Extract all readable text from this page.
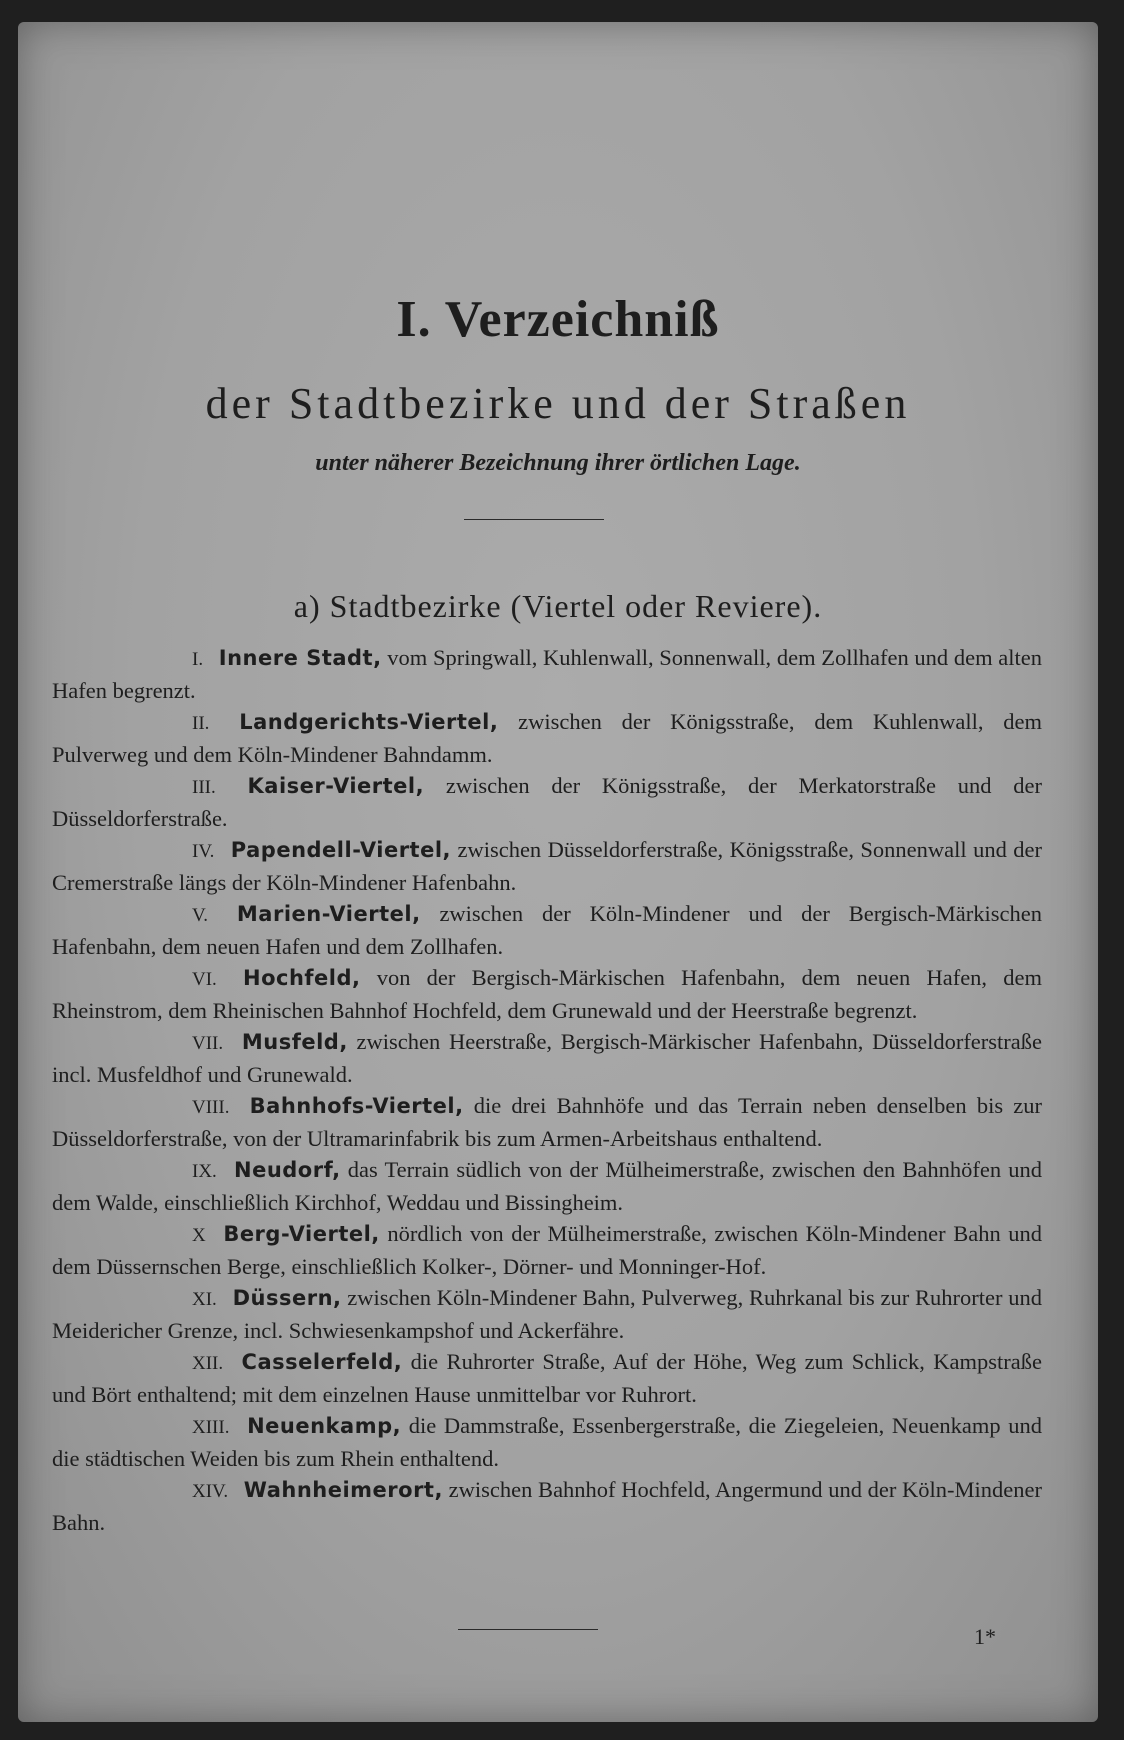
I. Verzeichniß
der Stadtbezirke und der Straßen
unter näherer Bezeichnung ihrer örtlichen Lage.
a) Stadtbezirke (Viertel oder Reviere).

I. Innere Stadt, vom Springwall, Kuhlenwall, Sonnenwall, dem Zollhafen und dem alten Hafen begrenzt.

II. Landgerichts-Viertel, zwischen der Königsstraße, dem Kuhlenwall, dem Pulverweg und dem Köln-Mindener Bahndamm.

III. Kaiser-Viertel, zwischen der Königsstraße, der Merkatorstraße und der Düsseldorferstraße.

IV. Papendell-Viertel, zwischen Düsseldorferstraße, Königsstraße, Sonnenwall und der Cremerstraße längs der Köln-Mindener Hafenbahn.

V. Marien-Viertel, zwischen der Köln-Mindener und der Bergisch-Märkischen Hafenbahn, dem neuen Hafen und dem Zollhafen.

VI. Hochfeld, von der Bergisch-Märkischen Hafenbahn, dem neuen Hafen, dem Rheinstrom, dem Rheinischen Bahnhof Hochfeld, dem Grunewald und der Heerstraße begrenzt.

VII. Musfeld, zwischen Heerstraße, Bergisch-Märkischer Hafenbahn, Düsseldorferstraße incl. Musfeldhof und Grunewald.

VIII. Bahnhofs-Viertel, die drei Bahnhöfe und das Terrain neben denselben bis zur Düsseldorferstraße, von der Ultramarinfabrik bis zum Armen-Arbeitshaus enthaltend.

IX. Neudorf, das Terrain südlich von der Mülheimerstraße, zwischen den Bahnhöfen und dem Walde, einschließlich Kirchhof, Weddau und Bissingheim.

X Berg-Viertel, nördlich von der Mülheimerstraße, zwischen Köln-Mindener Bahn und dem Düssernschen Berge, einschließlich Kolker-, Dörner- und Monninger-Hof.

XI. Düssern, zwischen Köln-Mindener Bahn, Pulverweg, Ruhrkanal bis zur Ruhrorter und Meidericher Grenze, incl. Schwiesenkampshof und Ackerfähre.

XII. Casselerfeld, die Ruhrorter Straße, Auf der Höhe, Weg zum Schlick, Kampstraße und Bört enthaltend; mit dem einzelnen Hause unmittelbar vor Ruhrort.

XIII. Neuenkamp, die Dammstraße, Essenbergerstraße, die Ziegeleien, Neuenkamp und die städtischen Weiden bis zum Rhein enthaltend.

XIV. Wahnheimerort, zwischen Bahnhof Hochfeld, Angermund und der Köln-Mindener Bahn.

1*
